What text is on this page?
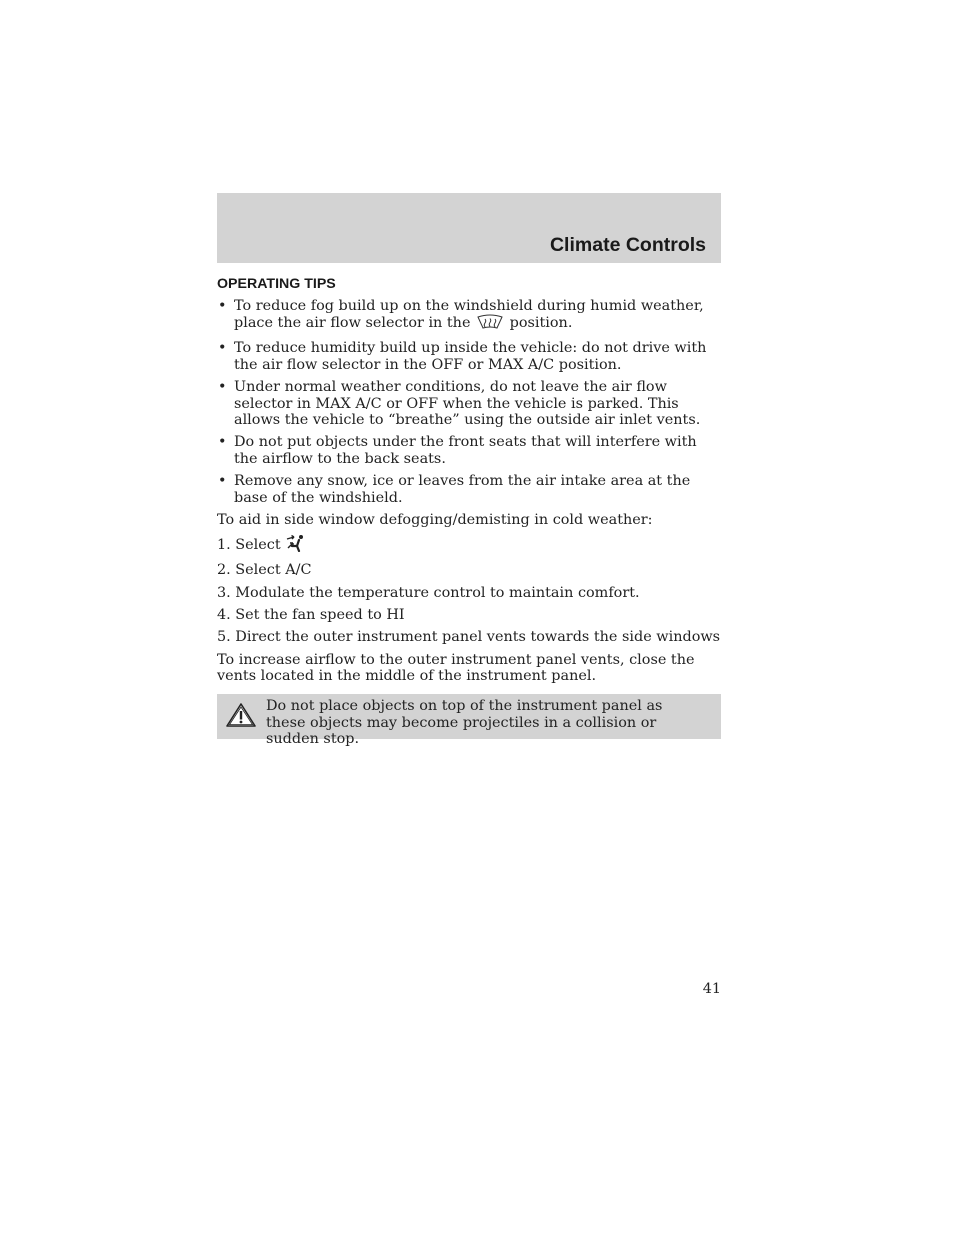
Climate Controls
OPERATING TIPS
• To reduce fog build up on the windshield during humid weather, place the air flow selector in the	position.
• To reduce humidity build up inside the vehicle: do not drive with the air flow selector in the OFF or MAX A/C position.
• Under normal weather conditions, do not leave the air flow selector in MAX A/C or OFF when the vehicle is parked. This allows the vehicle to “breathe” using the outside air inlet vents.
• Do not put objects under the front seats that will interfere with the airflow to the back seats.
• Remove any snow, ice or leaves from the air intake area at the base of the windshield.

To aid in side window defogging/demisting in cold weather:

1. Select
2. Select A/C
3. Modulate the temperature control to maintain comfort.
4. Set the fan speed to HI
5. Direct the outer instrument panel vents towards the side windows

To increase airflow to the outer instrument panel vents, close the vents located in the middle of the instrument panel.

Do not place objects on top of the instrument panel as these objects may become projectiles in a collision or sudden stop.
41
